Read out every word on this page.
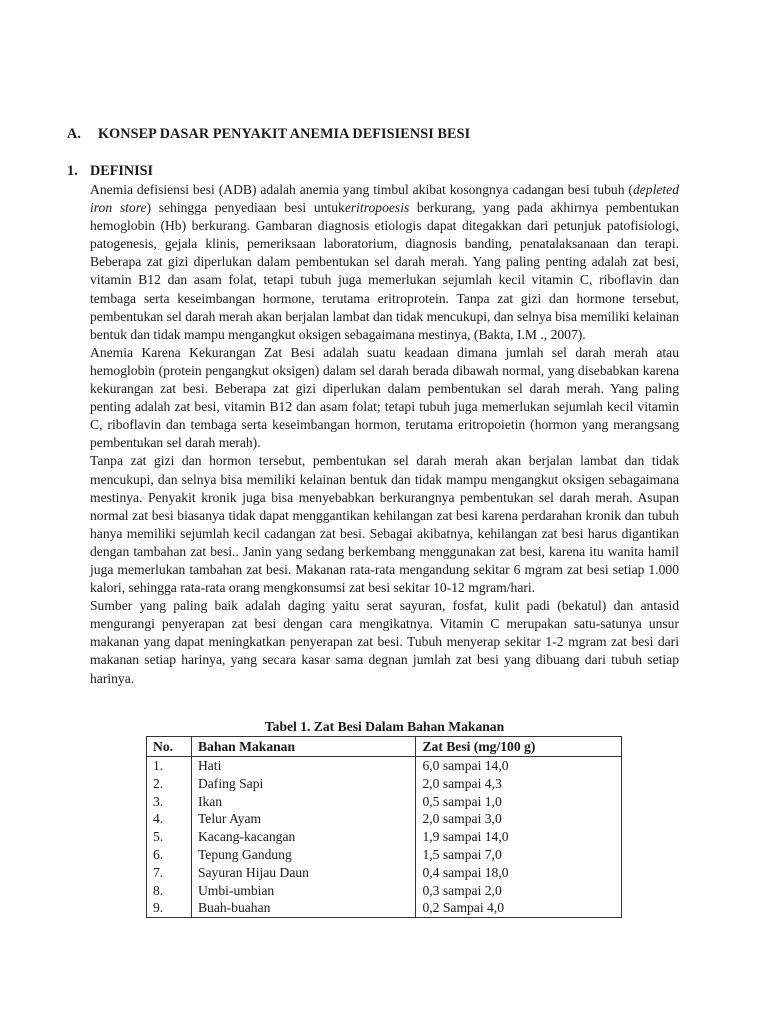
A. KONSEP DASAR PENYAKIT ANEMIA DEFISIENSI BESI
1. DEFINISI

Anemia defisiensi besi (ADB) adalah anemia yang timbul akibat kosongnya cadangan besi tubuh (depleted iron store) sehingga penyediaan besi untukeritropoesis berkurang, yang pada akhirnya pembentukan hemoglobin (Hb) berkurang. Gambaran diagnosis etiologis dapat ditegakkan dari petunjuk patofisiologi, patogenesis, gejala klinis, pemeriksaan laboratorium, diagnosis banding, penatalaksanaan dan terapi. Beberapa zat gizi diperlukan dalam pembentukan sel darah merah. Yang paling penting adalah zat besi, vitamin B12 dan asam folat, tetapi tubuh juga memerlukan sejumlah kecil vitamin C, riboflavin dan tembaga serta keseimbangan hormone, terutama eritroprotein. Tanpa zat gizi dan hormone tersebut, pembentukan sel darah merah akan berjalan lambat dan tidak mencukupi, dan selnya bisa memiliki kelainan bentuk dan tidak mampu mengangkut oksigen sebagaimana mestinya, (Bakta, I.M ., 2007).

Anemia Karena Kekurangan Zat Besi adalah suatu keadaan dimana jumlah sel darah merah atau hemoglobin (protein pengangkut oksigen) dalam sel darah berada dibawah normal, yang disebabkan karena kekurangan zat besi. Beberapa zat gizi diperlukan dalam pembentukan sel darah merah. Yang paling penting adalah zat besi, vitamin B12 dan asam folat; tetapi tubuh juga memerlukan sejumlah kecil vitamin C, riboflavin dan tembaga serta keseimbangan hormon, terutama eritropoietin (hormon yang merangsang pembentukan sel darah merah).

Tanpa zat gizi dan hormon tersebut, pembentukan sel darah merah akan berjalan lambat dan tidak mencukupi, dan selnya bisa memiliki kelainan bentuk dan tidak mampu mengangkut oksigen sebagaimana mestinya. Penyakit kronik juga bisa menyebabkan berkurangnya pembentukan sel darah merah. Asupan normal zat besi biasanya tidak dapat menggantikan kehilangan zat besi karena perdarahan kronik dan tubuh hanya memiliki sejumlah kecil cadangan zat besi. Sebagai akibatnya, kehilangan zat besi harus digantikan dengan tambahan zat besi.. Janin yang sedang berkembang menggunakan zat besi, karena itu wanita hamil juga memerlukan tambahan zat besi. Makanan rata-rata mengandung sekitar 6 mgram zat besi setiap 1.000 kalori, sehingga rata-rata orang mengkonsumsi zat besi sekitar 10-12 mgram/hari.

Sumber yang paling baik adalah daging yaitu serat sayuran, fosfat, kulit padi (bekatul) dan antasid mengurangi penyerapan zat besi dengan cara mengikatnya. Vitamin C merupakan satu-satunya unsur makanan yang dapat meningkatkan penyerapan zat besi. Tubuh menyerap sekitar 1-2 mgram zat besi dari makanan setiap harinya, yang secara kasar sama degnan jumlah zat besi yang dibuang dari tubuh setiap harinya.

Tabel 1. Zat Besi Dalam Bahan Makanan
No.	Bahan Makanan	Zat Besi (mg/100 g)
1.	Hati	6,0 sampai 14,0
2.	Dafing Sapi	2,0 sampai 4,3
3.	Ikan	0,5 sampai 1,0
4.	Telur Ayam	2,0 sampai 3,0
5.	Kacang-kacangan	1,9 sampai 14,0
6.	Tepung Gandung	1,5 sampai 7,0
7.	Sayuran Hijau Daun	0,4 sampai 18,0
8.	Umbi-umbian	0,3 sampai 2,0
9.	Buah-buahan	0,2 Sampai 4,0
